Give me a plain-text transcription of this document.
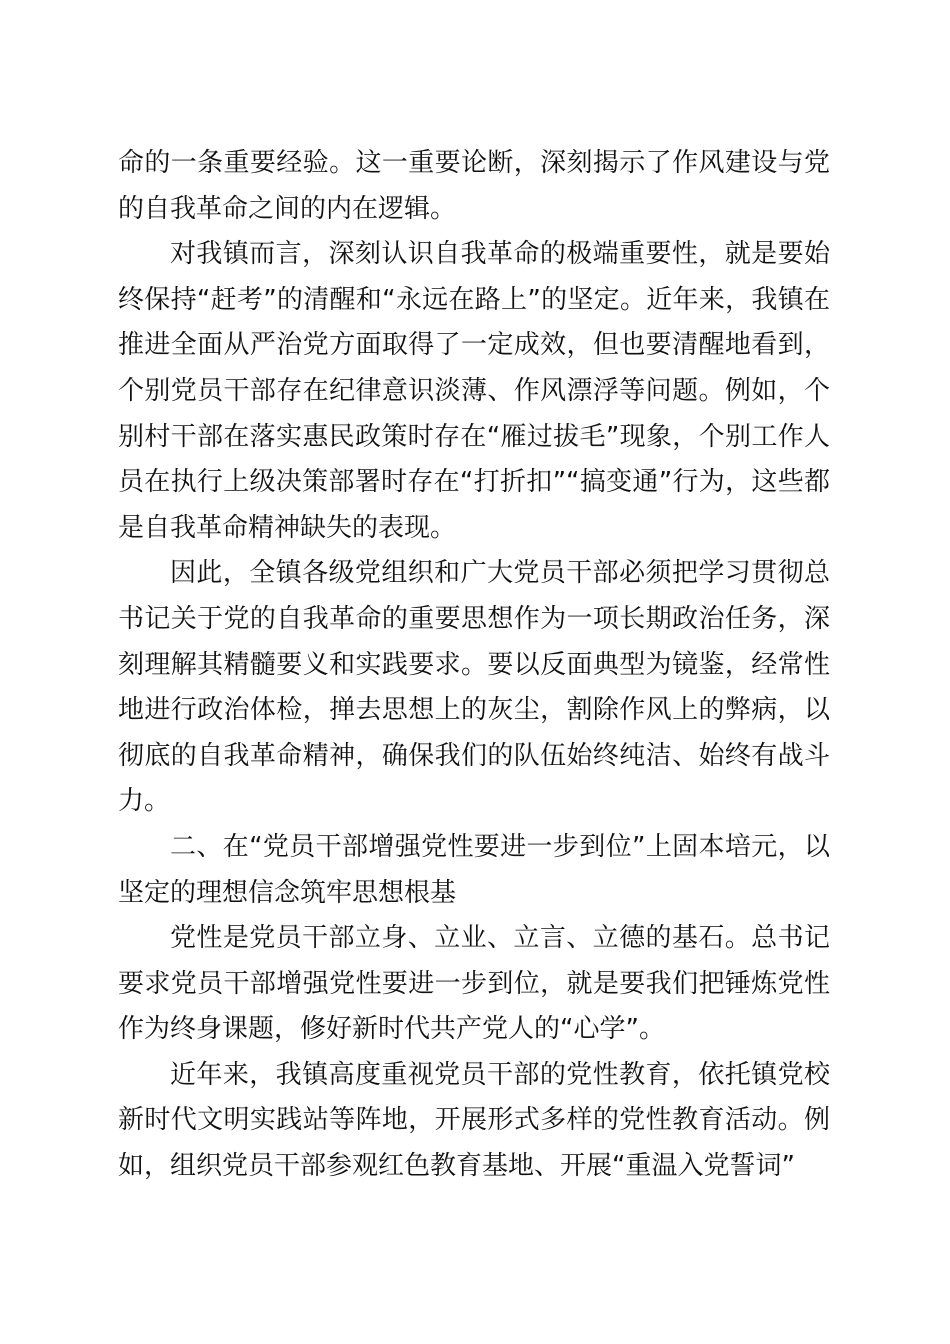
命的一条重要经验。这一重要论断，深刻揭示了作风建设与党的自我革命之间的内在逻辑。

对我镇而言，深刻认识自我革命的极端重要性，就是要始终保持“赶考”的清醒和“永远在路上”的坚定。近年来，我镇在推进全面从严治党方面取得了一定成效，但也要清醒地看到，个别党员干部存在纪律意识淡薄、作风漂浮等问题。例如，个别村干部在落实惠民政策时存在“雁过拔毛”现象，个别工作人员在执行上级决策部署时存在“打折扣”“搞变通”行为，这些都是自我革命精神缺失的表现。

因此，全镇各级党组织和广大党员干部必须把学习贯彻总书记关于党的自我革命的重要思想作为一项长期政治任务，深刻理解其精髓要义和实践要求。要以反面典型为镜鉴，经常性地进行政治体检，掸去思想上的灰尘，割除作风上的弊病，以彻底的自我革命精神，确保我们的队伍始终纯洁、始终有战斗力。

二、在“党员干部增强党性要进一步到位”上固本培元，以坚定的理想信念筑牢思想根基

党性是党员干部立身、立业、立言、立德的基石。总书记要求党员干部增强党性要进一步到位，就是要我们把锤炼党性作为终身课题，修好新时代共产党人的“心学”。

近年来，我镇高度重视党员干部的党性教育，依托镇党校新时代文明实践站等阵地，开展形式多样的党性教育活动。例如，组织党员干部参观红色教育基地、开展“重温入党誓词”
